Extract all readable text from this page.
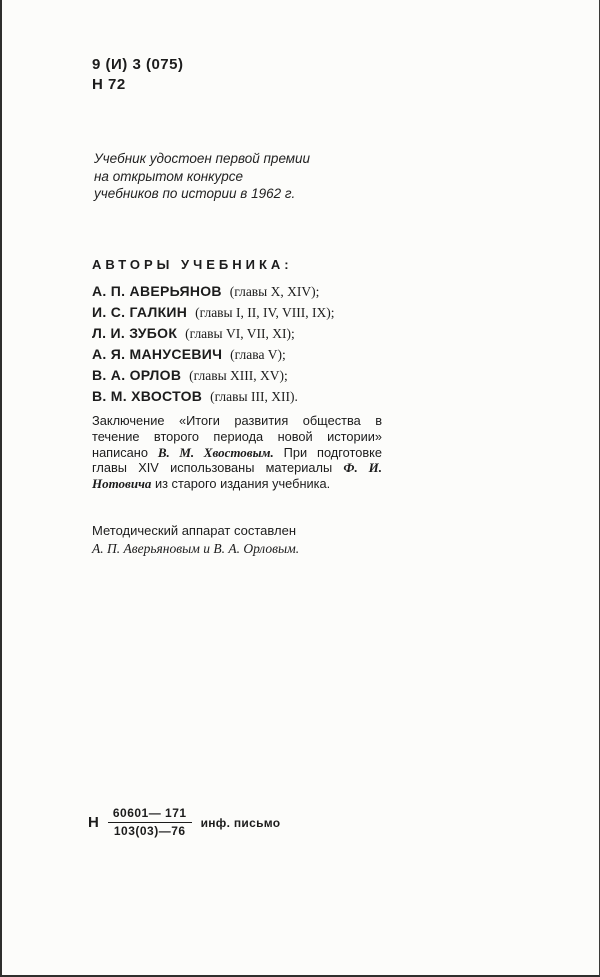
9 (И) 3 (075)
Н 72
Учебник удостоен первой премии
на открытом конкурсе
учебников по истории в 1962 г.
АВТОРЫ УЧЕБНИКА:
А. П. АВЕРЬЯНОВ (главы X, XIV);
И. С. ГАЛКИН (главы I, II, IV, VIII, IX);
Л. И. ЗУБОК (главы VI, VII, XI);
А. Я. МАНУСЕВИЧ (глава V);
В. А. ОРЛОВ (главы XIII, XV);
В. М. ХВОСТОВ (главы III, XII).
Заключение «Итоги развития общества в течение второго периода новой истории» написано В. М. Хвостовым. При подготовке главы XIV использованы материалы Ф. И. Нотовича из старого издания учебника.
Методический аппарат составлен
А. П. Аверьяновым и В. А. Орловым.
Н $\frac{60601— 171}{103(03)—76}$ инф. письмо
